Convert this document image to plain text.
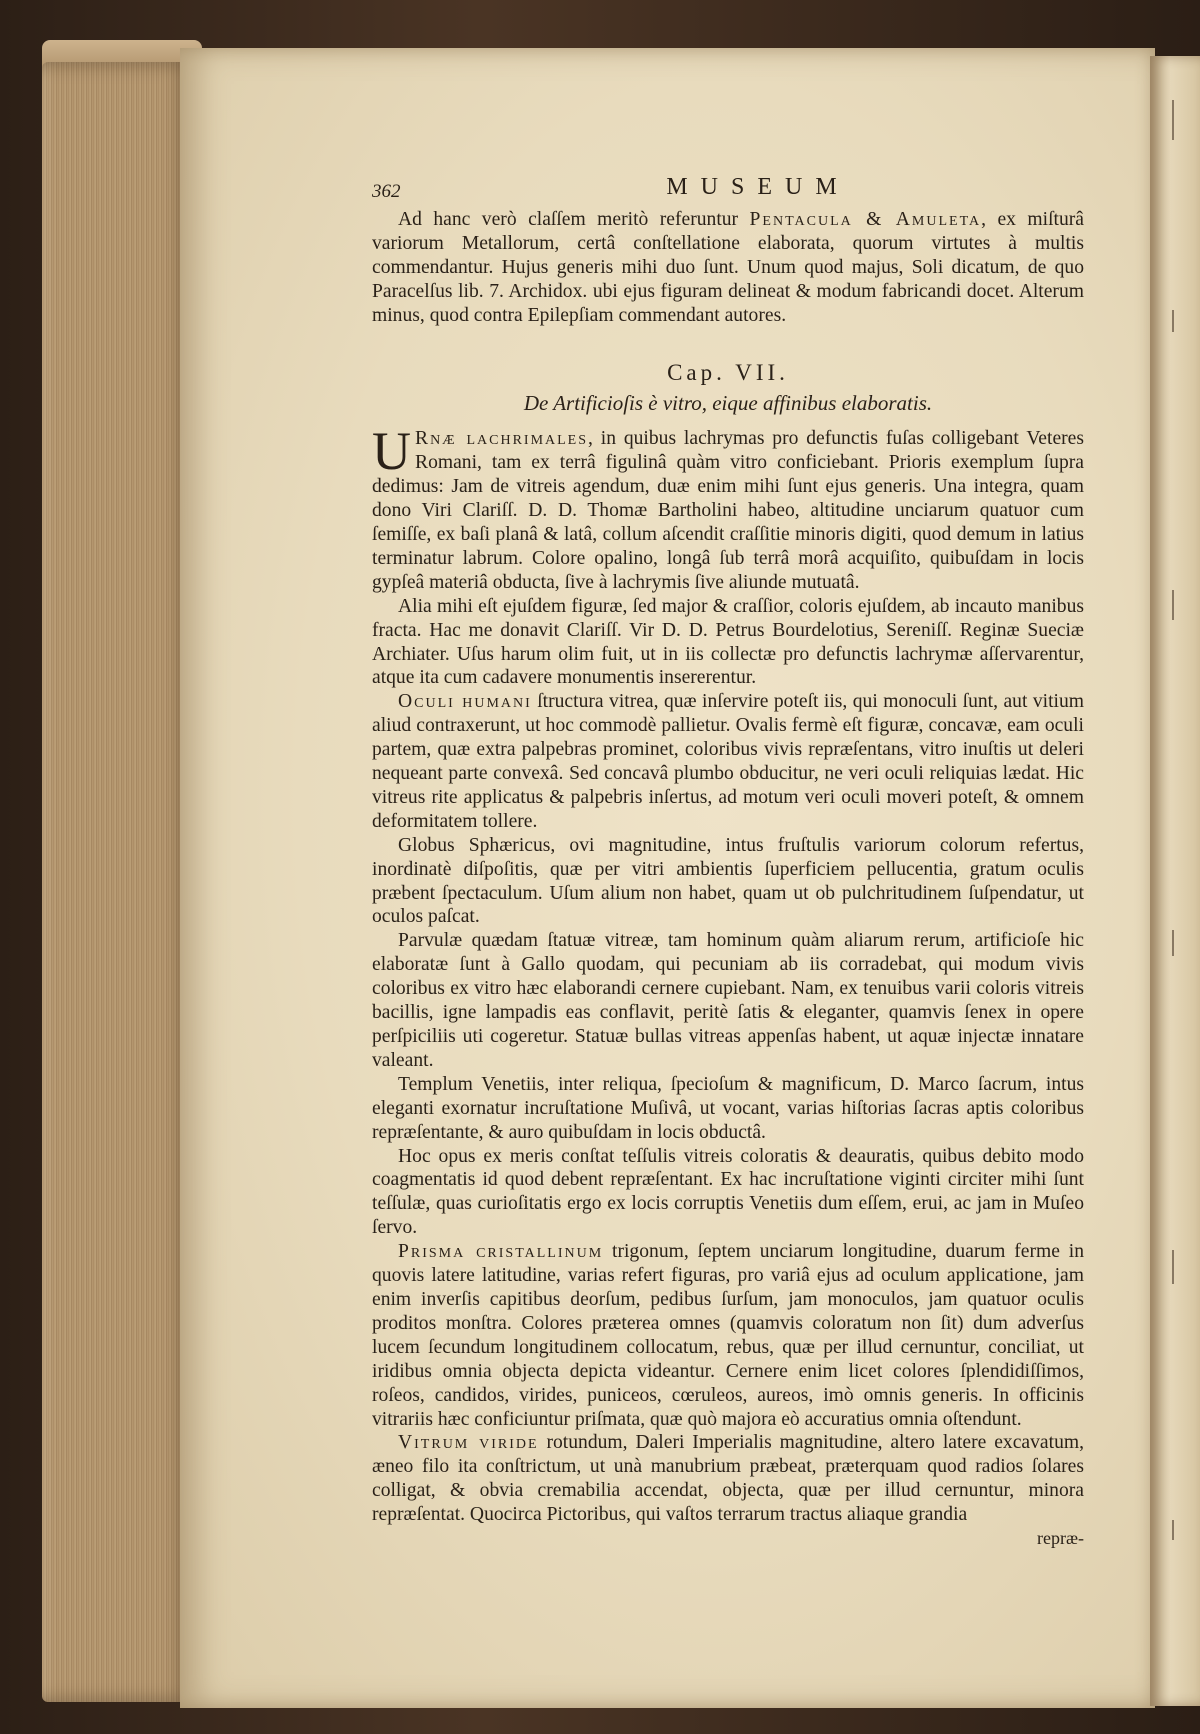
362	MUSEUM

Ad hanc verò claſſem meritò referuntur Pentacula & Amuleta, ex miſturâ variorum Metallorum, certâ conſtellatione elaborata, quorum virtutes à multis commendantur. Hujus generis mihi duo ſunt. Unum quod majus, Soli dicatum, de quo Paracelſus lib. 7. Archidox. ubi ejus figuram delineat & modum fabricandi docet. Alterum minus, quod contra Epilepſiam commendant autores.

Cap. VII.
De Artificioſis è vitro, eique affinibus elaboratis.

U Rnæ lachrimales, in quibus lachrymas pro defunctis fuſas colligebant Veteres Romani, tam ex terrâ figulinâ quàm vitro conficiebant. Prioris exemplum ſupra dedimus: Jam de vitreis agendum, duæ enim mihi ſunt ejus generis. Una integra, quam dono Viri Clariſſ. D. D. Thomæ Bartholini habeo, altitudine unciarum quatuor cum ſemiſſe, ex baſi planâ & latâ, collum aſcendit craſſitie minoris digiti, quod demum in latius terminatur labrum. Colore opalino, longâ ſub terrâ morâ acquiſito, quibuſdam in locis gypſeâ materiâ obducta, ſive à lachrymis ſive aliunde mutuatâ.

Alia mihi eſt ejuſdem figuræ, ſed major & craſſior, coloris ejuſdem, ab incauto manibus fracta. Hac me donavit Clariſſ. Vir D. D. Petrus Bourdelotius, Sereniſſ. Reginæ Sueciæ Archiater. Uſus harum olim fuit, ut in iis collectæ pro defunctis lachrymæ aſſervarentur, atque ita cum cadavere monumentis insererentur.

Oculi humani ſtructura vitrea, quæ inſervire poteſt iis, qui monoculi ſunt, aut vitium aliud contraxerunt, ut hoc commodè pallietur. Ovalis fermè eſt figuræ, concavæ, eam oculi partem, quæ extra palpebras prominet, coloribus vivis repræſentans, vitro inuſtis ut deleri nequeant parte convexâ. Sed concavâ plumbo obducitur, ne veri oculi reliquias lædat. Hic vitreus rite applicatus & palpebris inſertus, ad motum veri oculi moveri poteſt, & omnem deformitatem tollere.

Globus Sphæricus, ovi magnitudine, intus fruſtulis variorum colorum refertus, inordinatè diſpoſitis, quæ per vitri ambientis ſuperficiem pellucentia, gratum oculis præbent ſpectaculum. Uſum alium non habet, quam ut ob pulchritudinem ſuſpendatur, ut oculos paſcat.

Parvulæ quædam ſtatuæ vitreæ, tam hominum quàm aliarum rerum, artificioſe hic elaboratæ ſunt à Gallo quodam, qui pecuniam ab iis corradebat, qui modum vivis coloribus ex vitro hæc elaborandi cernere cupiebant. Nam, ex tenuibus varii coloris vitreis bacillis, igne lampadis eas conflavit, peritè ſatis & eleganter, quamvis ſenex in opere perſpiciliis uti cogeretur. Statuæ bullas vitreas appenſas habent, ut aquæ injectæ innatare valeant.

Templum Venetiis, inter reliqua, ſpecioſum & magnificum, D. Marco ſacrum, intus eleganti exornatur incruſtatione Muſivâ, ut vocant, varias hiſtorias ſacras aptis coloribus repræſentante, & auro quibuſdam in locis obductâ.

Hoc opus ex meris conſtat teſſulis vitreis coloratis & deauratis, quibus debito modo coagmentatis id quod debent repræſentant. Ex hac incruſtatione viginti circiter mihi ſunt teſſulæ, quas curioſitatis ergo ex locis corruptis Venetiis dum eſſem, erui, ac jam in Muſeo ſervo.

Prisma cristallinum trigonum, ſeptem unciarum longitudine, duarum ferme in quovis latere latitudine, varias refert figuras, pro variâ ejus ad oculum applicatione, jam enim inverſis capitibus deorſum, pedibus ſurſum, jam monoculos, jam quatuor oculis proditos monſtra. Colores præterea omnes (quamvis coloratum non ſit) dum adverſus lucem ſecundum longitudinem collocatum, rebus, quæ per illud cernuntur, conciliat, ut iridibus omnia objecta depicta videantur. Cernere enim licet colores ſplendidiſſimos, roſeos, candidos, virides, puniceos, cœruleos, aureos, imò omnis generis. In officinis vitrariis hæc conficiuntur priſmata, quæ quò majora eò accuratius omnia oſtendunt.

Vitrum viride rotundum, Daleri Imperialis magnitudine, altero latere excavatum, æneo filo ita conſtrictum, ut unà manubrium præbeat, præterquam quod radios ſolares colligat, & obvia cremabilia accendat, objecta, quæ per illud cernuntur, minora repræſentat. Quocirca Pictoribus, qui vaſtos terrarum tractus aliaque grandia

repræ-
